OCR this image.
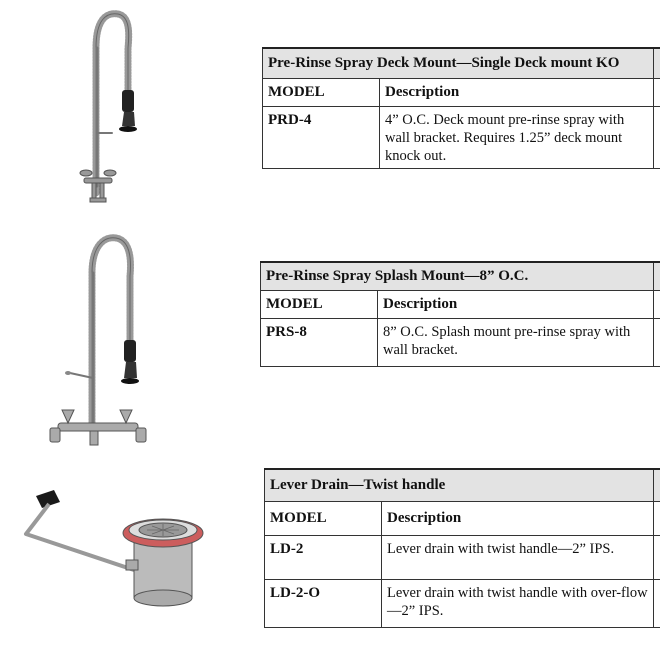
Pre-Rinse Spray Deck Mount—Single Deck mount KO		
MODEL	Description	
PRD-4	4” O.C. Deck mount pre-rinse spray with wall bracket. Requires 1.25” deck mount knock out.	
Pre-Rinse Spray Splash Mount—8” O.C.		
MODEL	Description	
PRS-8	8” O.C. Splash mount pre-rinse spray with wall bracket.	
Lever Drain—Twist handle		
MODEL	Description	
LD-2	Lever drain with twist handle—2” IPS.	
LD-2-O	Lever drain with twist handle with over-flow—2” IPS.	
